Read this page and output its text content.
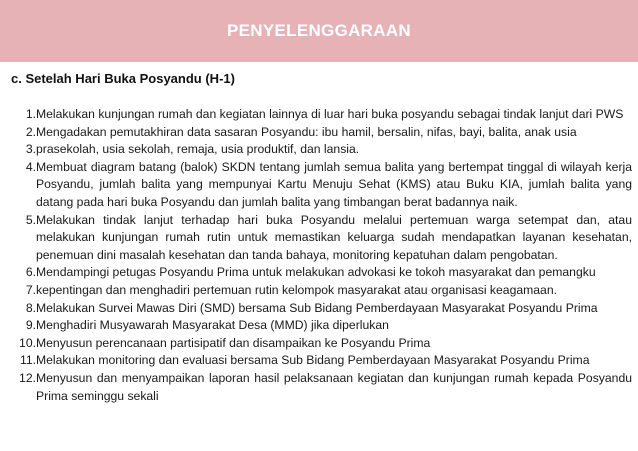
PENYELENGGARAAN
c. Setelah Hari Buka Posyandu (H-1)
1. Melakukan kunjungan rumah dan kegiatan lainnya di luar hari buka posyandu sebagai tindak lanjut dari PWS
2. Mengadakan pemutakhiran data sasaran Posyandu: ibu hamil, bersalin, nifas, bayi, balita, anak usia
3. prasekolah, usia sekolah, remaja, usia produktif, dan lansia.
4. Membuat diagram batang (balok) SKDN tentang jumlah semua balita yang bertempat tinggal di wilayah kerja Posyandu, jumlah balita yang mempunyai Kartu Menuju Sehat (KMS) atau Buku KIA, jumlah balita yang datang pada hari buka Posyandu dan jumlah balita yang timbangan berat badannya naik.
5. Melakukan tindak lanjut terhadap hari buka Posyandu melalui pertemuan warga setempat dan, atau melakukan kunjungan rumah rutin untuk memastikan keluarga sudah mendapatkan layanan kesehatan, penemuan dini masalah kesehatan dan tanda bahaya, monitoring kepatuhan dalam pengobatan.
6. Mendampingi petugas Posyandu Prima untuk melakukan advokasi ke tokoh masyarakat dan pemangku
7. kepentingan dan menghadiri pertemuan rutin kelompok masyarakat atau organisasi keagamaan.
8. Melakukan Survei Mawas Diri (SMD) bersama Sub Bidang Pemberdayaan Masyarakat Posyandu Prima
9. Menghadiri Musyawarah Masyarakat Desa (MMD) jika diperlukan
10. Menyusun perencanaan partisipatif dan disampaikan ke Posyandu Prima
11. Melakukan monitoring dan evaluasi bersama Sub Bidang Pemberdayaan Masyarakat Posyandu Prima
12. Menyusun dan menyampaikan laporan hasil pelaksanaan kegiatan dan kunjungan rumah kepada Posyandu Prima seminggu sekali
